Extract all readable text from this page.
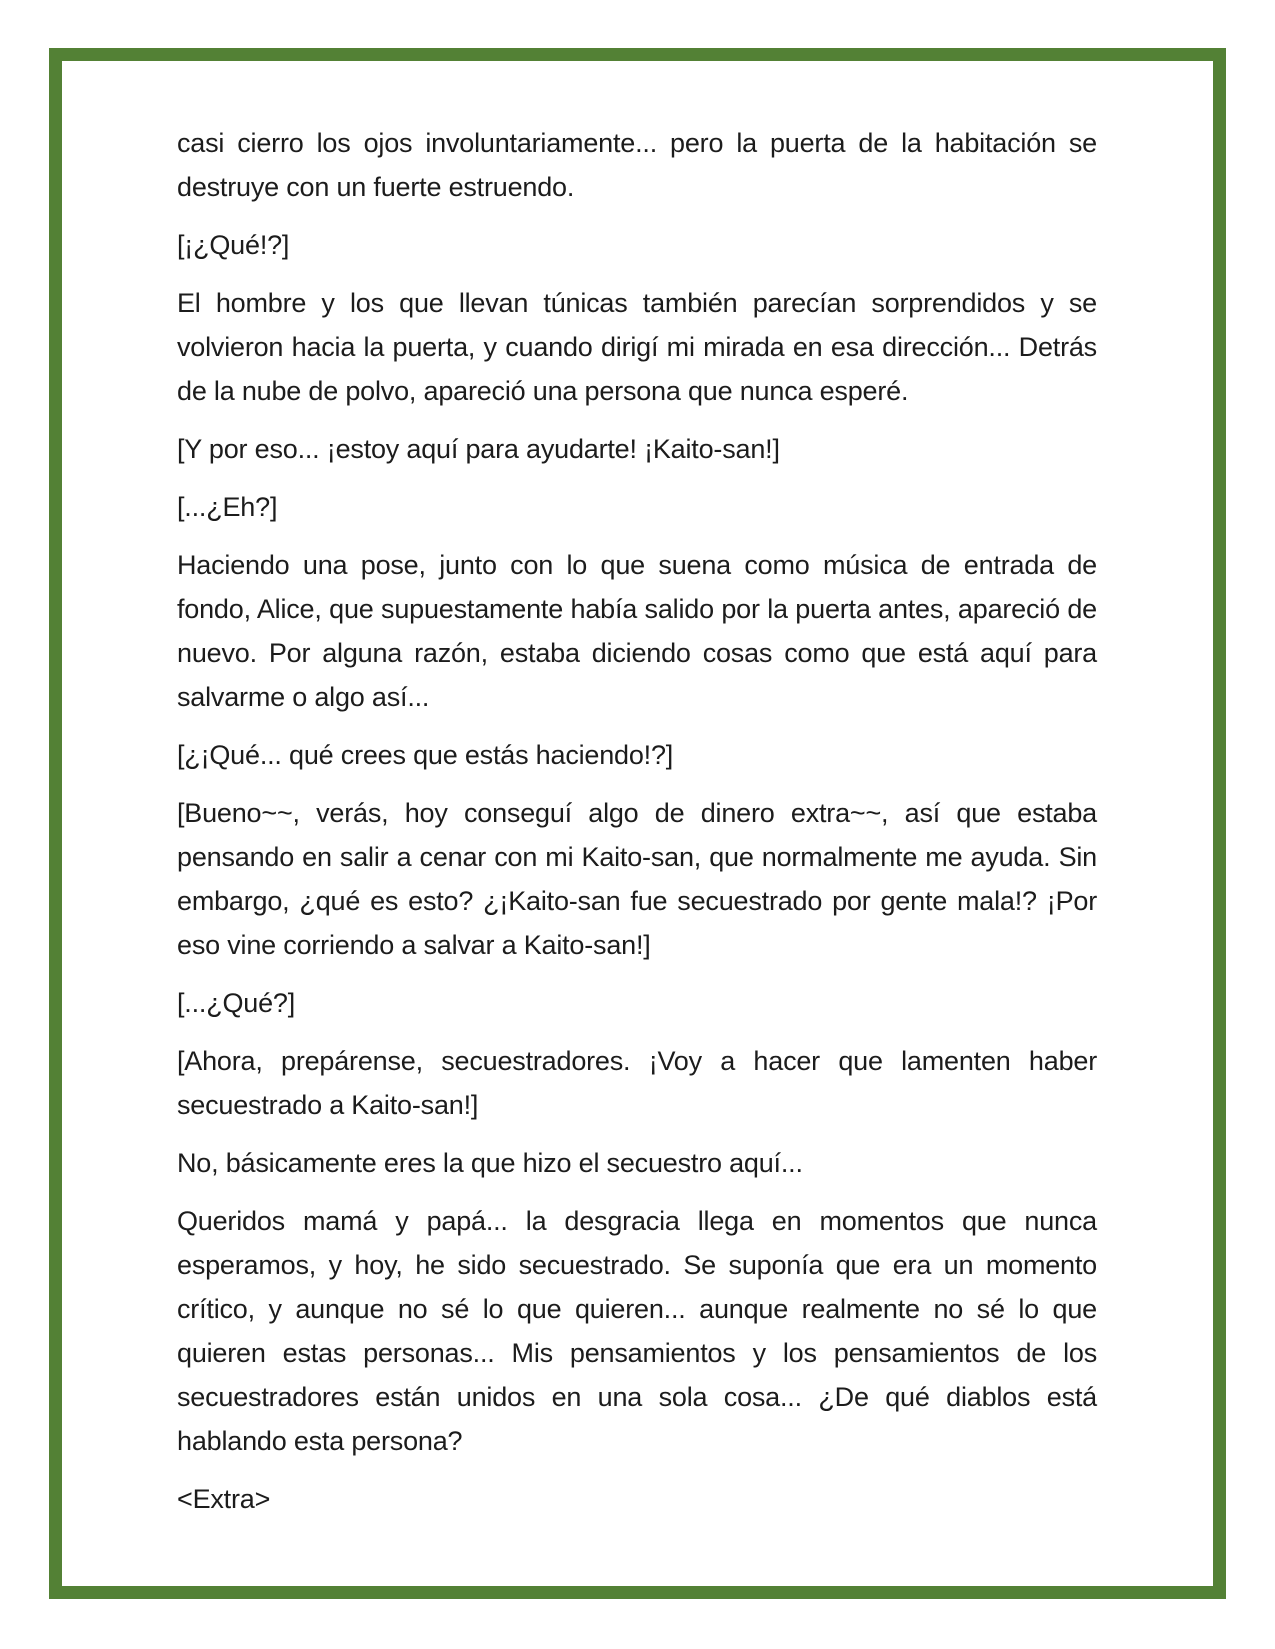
casi cierro los ojos involuntariamente... pero la puerta de la habitación se destruye con un fuerte estruendo.

[¡¿Qué!?]

El hombre y los que llevan túnicas también parecían sorprendidos y se volvieron hacia la puerta, y cuando dirigí mi mirada en esa dirección... Detrás de la nube de polvo, apareció una persona que nunca esperé.

[Y por eso... ¡estoy aquí para ayudarte! ¡Kaito-san!]

[...¿Eh?]

Haciendo una pose, junto con lo que suena como música de entrada de fondo, Alice, que supuestamente había salido por la puerta antes, apareció de nuevo. Por alguna razón, estaba diciendo cosas como que está aquí para salvarme o algo así...

[¿¡Qué... qué crees que estás haciendo!?]

[Bueno~~, verás, hoy conseguí algo de dinero extra~~, así que estaba pensando en salir a cenar con mi Kaito-san, que normalmente me ayuda. Sin embargo, ¿qué es esto? ¿¡Kaito-san fue secuestrado por gente mala!? ¡Por eso vine corriendo a salvar a Kaito-san!]

[...¿Qué?]

[Ahora, prepárense, secuestradores. ¡Voy a hacer que lamenten haber secuestrado a Kaito-san!]

No, básicamente eres la que hizo el secuestro aquí...

Queridos mamá y papá... la desgracia llega en momentos que nunca esperamos, y hoy, he sido secuestrado. Se suponía que era un momento crítico, y aunque no sé lo que quieren... aunque realmente no sé lo que quieren estas personas... Mis pensamientos y los pensamientos de los secuestradores están unidos en una sola cosa... ¿De qué diablos está hablando esta persona?

<Extra>
